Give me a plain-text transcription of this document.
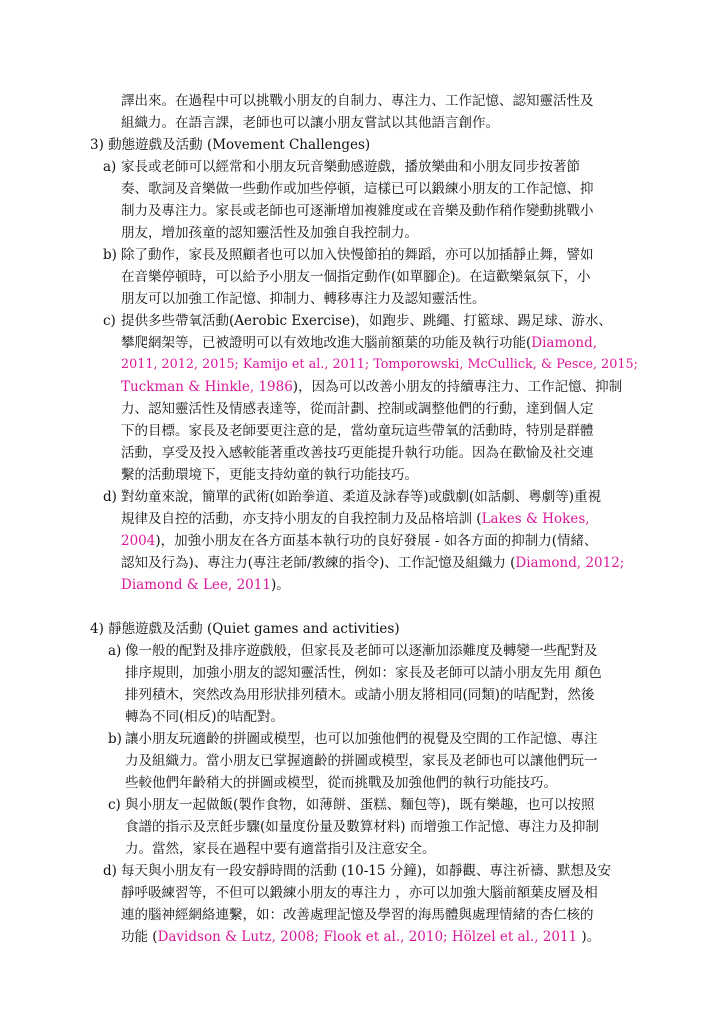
譯出來。在過程中可以挑戰小朋友的自制力、專注力、工作記憶、認知靈活性及
組織力。在語言課，老師也可以讓小朋友嘗試以其他語言創作。
3) 動態遊戲及活動 (Movement Challenges)
a) 家長或老師可以經常和小朋友玩音樂動感遊戲，播放樂曲和小朋友同步按著節
奏、歌詞及音樂做一些動作或加些停頓，這樣已可以鍛練小朋友的工作記憶、抑
制力及專注力。家長或老師也可逐漸增加複雜度或在音樂及動作稍作變動挑戰小
朋友，增加孩童的認知靈活性及加強自我控制力。
b) 除了動作，家長及照顧者也可以加入快慢節拍的舞蹈，亦可以加插靜止舞，譬如
在音樂停頓時，可以給予小朋友一個指定動作(如單腳企)。在這歡樂氣氛下，小
朋友可以加強工作記憶、抑制力、轉移專注力及認知靈活性。
c) 提供多些帶氧活動(Aerobic Exercise)，如跑步、跳繩、打籃球、踢足球、游水、
攀爬網架等，已被證明可以有效地改進大腦前額葉的功能及執行功能(Diamond,
2011, 2012, 2015; Kamijo et al., 2011; Tomporowski, McCullick, & Pesce, 2015;
Tuckman & Hinkle, 1986)，因為可以改善小朋友的持續專注力、工作記憶、抑制
力、認知靈活性及情感表達等，從而計劃、控制或調整他們的行動，達到個人定
下的目標。家長及老師要更注意的是，當幼童玩這些帶氧的活動時，特別是群體
活動，享受及投入感較能著重改善技巧更能提升執行功能。因為在歡愉及社交連
繫的活動環境下，更能支持幼童的執行功能技巧。
d) 對幼童來說，簡單的武術(如跆拳道、柔道及詠春等)或戲劇(如話劇、粵劇等)重視
規律及自控的活動，亦支持小朋友的自我控制力及品格培訓 (Lakes & Hokes,
2004)，加強小朋友在各方面基本執行功的良好發展 - 如各方面的抑制力(情緒、
認知及行為)、專注力(專注老師/教練的指令)、工作記憶及組織力 (Diamond, 2012;
Diamond & Lee, 2011)。
4) 靜態遊戲及活動 (Quiet games and activities)
a) 像一般的配對及排序遊戲般，但家長及老師可以逐漸加添難度及轉變一些配對及
排序規則，加強小朋友的認知靈活性，例如：家長及老師可以請小朋友先用 顏色
排列積木，突然改為用形狀排列積木。或請小朋友將相同(同類)的咭配對，然後
轉為不同(相反)的咭配對。
b) 讓小朋友玩適齡的拼圖或模型，也可以加強他們的視覺及空間的工作記憶、專注
力及組織力。當小朋友已掌握適齡的拼圖或模型，家長及老師也可以讓他們玩一
些較他們年齡稍大的拼圖或模型，從而挑戰及加強他們的執行功能技巧。
c) 與小朋友一起做飯(製作食物，如薄餅、蛋糕、麵包等)，既有樂趣，也可以按照
食譜的指示及烹飪步驟(如量度份量及數算材料) 而增強工作記憶、專注力及抑制
力。當然，家長在過程中要有適當指引及注意安全。
d) 每天與小朋友有一段安靜時間的活動 (10-15 分鐘)，如靜觀、專注祈禱、默想及安
靜呼吸練習等，不但可以鍛練小朋友的專注力 ，亦可以加強大腦前額葉皮層及相
連的腦神經網絡連繫，如：改善處理記憶及學習的海馬體與處理情緒的杏仁核的
功能 (Davidson & Lutz, 2008; Flook et al., 2010; Hölzel et al., 2011 )。
